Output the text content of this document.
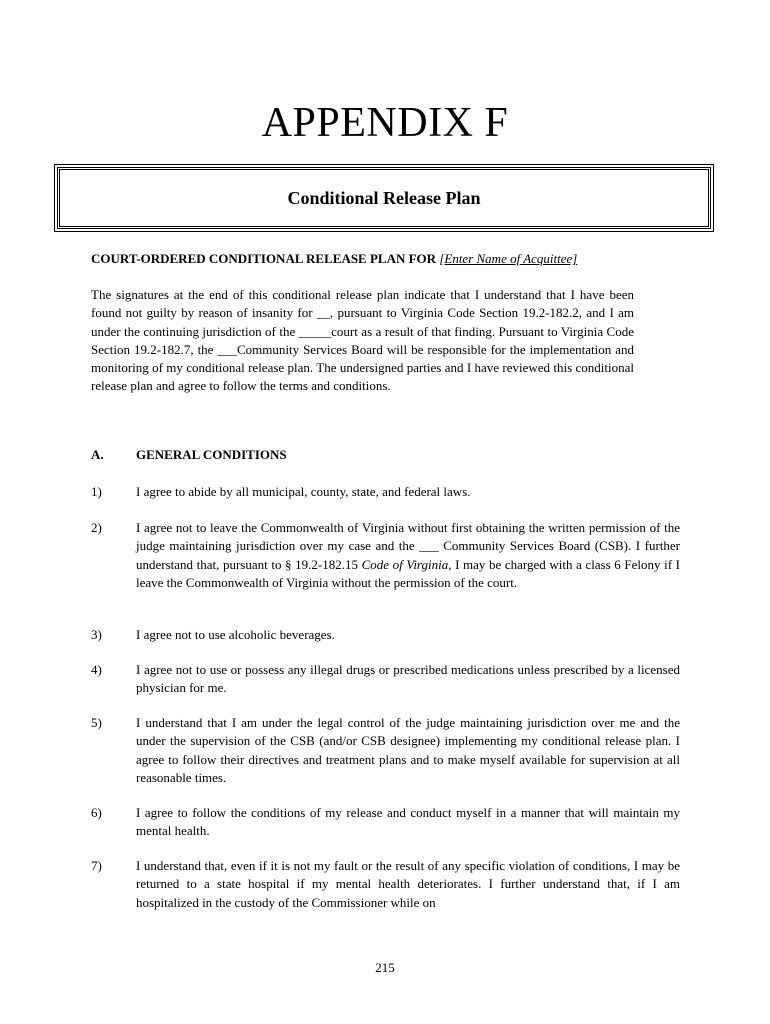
APPENDIX F
Conditional Release Plan
COURT-ORDERED CONDITIONAL RELEASE PLAN FOR [Enter Name of Acquittee]
The signatures at the end of this conditional release plan indicate that I understand that I have been found not guilty by reason of insanity for __, pursuant to Virginia Code Section 19.2-182.2, and I am under the continuing jurisdiction of the _____court as a result of that finding. Pursuant to Virginia Code Section 19.2-182.7, the ___Community Services Board will be responsible for the implementation and monitoring of my conditional release plan. The undersigned parties and I have reviewed this conditional release plan and agree to follow the terms and conditions.
A. GENERAL CONDITIONS
1)	I agree to abide by all municipal, county, state, and federal laws.
2)	I agree not to leave the Commonwealth of Virginia without first obtaining the written permission of the judge maintaining jurisdiction over my case and the ___ Community Services Board (CSB). I further understand that, pursuant to § 19.2-182.15 Code of Virginia, I may be charged with a class 6 Felony if I leave the Commonwealth of Virginia without the permission of the court.
3)	I agree not to use alcoholic beverages.
4)	I agree not to use or possess any illegal drugs or prescribed medications unless prescribed by a licensed physician for me.
5)	I understand that I am under the legal control of the judge maintaining jurisdiction over me and the under the supervision of the CSB (and/or CSB designee) implementing my conditional release plan. I agree to follow their directives and treatment plans and to make myself available for supervision at all reasonable times.
6)	I agree to follow the conditions of my release and conduct myself in a manner that will maintain my mental health.
7)	I understand that, even if it is not my fault or the result of any specific violation of conditions, I may be returned to a state hospital if my mental health deteriorates. I further understand that, if I am hospitalized in the custody of the Commissioner while on
215
